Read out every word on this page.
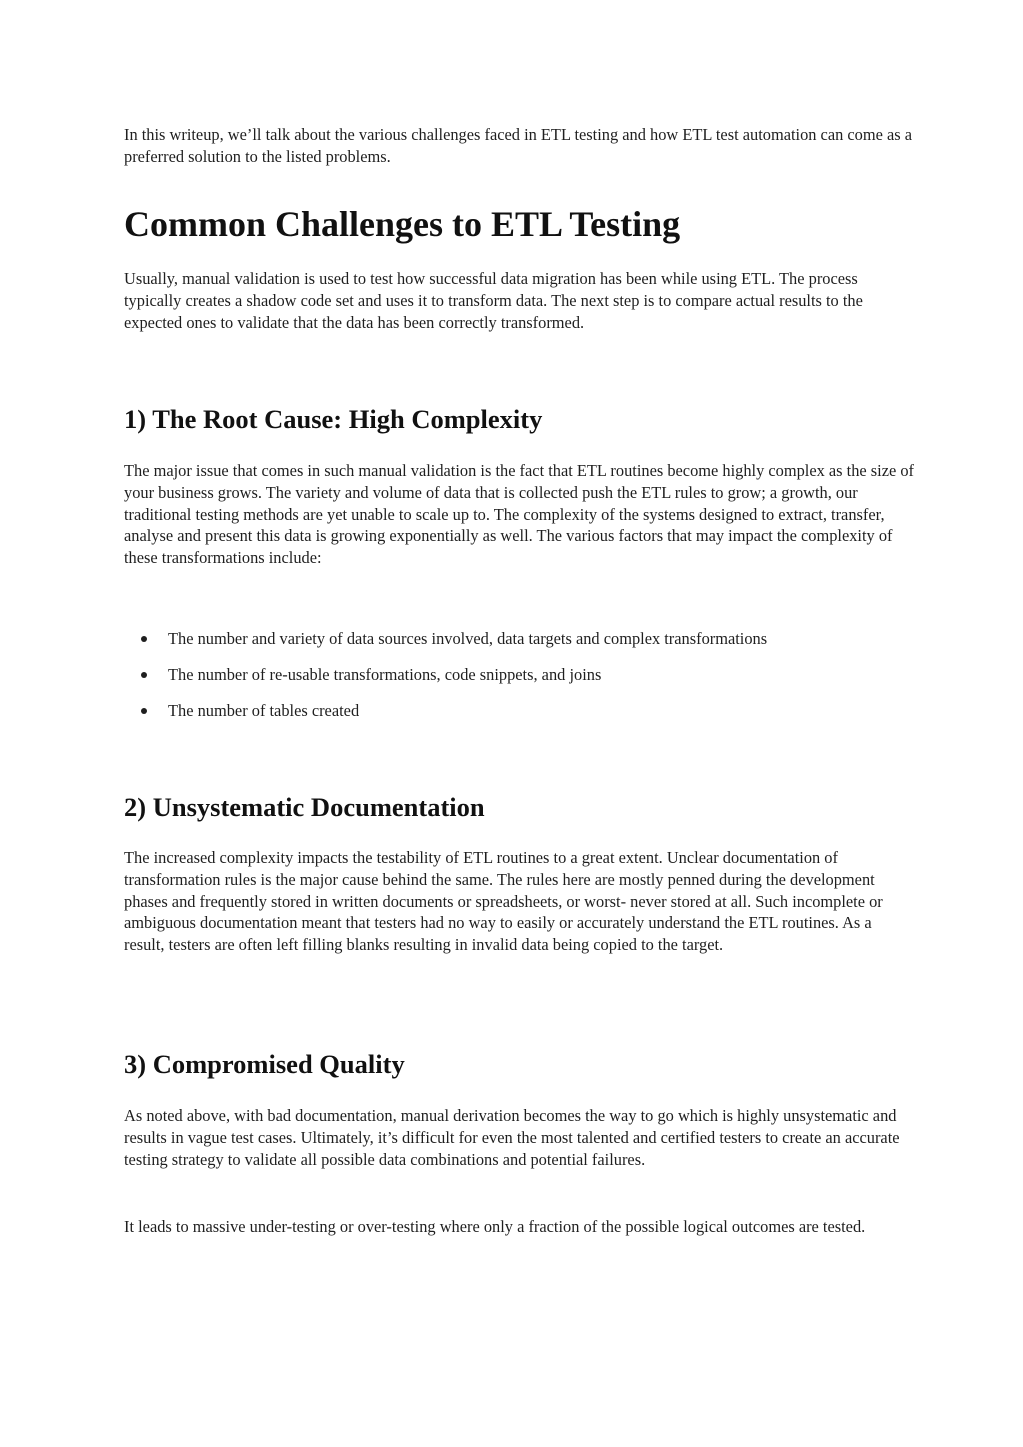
In this writeup, we’ll talk about the various challenges faced in ETL testing and how ETL test automation can come as a preferred solution to the listed problems.

Common Challenges to ETL Testing

Usually, manual validation is used to test how successful data migration has been while using ETL. The process typically creates a shadow code set and uses it to transform data. The next step is to compare actual results to the expected ones to validate that the data has been correctly transformed.

1) The Root Cause: High Complexity

The major issue that comes in such manual validation is the fact that ETL routines become highly complex as the size of your business grows. The variety and volume of data that is collected push the ETL rules to grow; a growth, our traditional testing methods are yet unable to scale up to. The complexity of the systems designed to extract, transfer, analyse and present this data is growing exponentially as well. The various factors that may impact the complexity of these transformations include:

The number and variety of data sources involved, data targets and complex transformations
The number of re-usable transformations, code snippets, and joins
The number of tables created
2) Unsystematic Documentation

The increased complexity impacts the testability of ETL routines to a great extent. Unclear documentation of transformation rules is the major cause behind the same. The rules here are mostly penned during the development phases and frequently stored in written documents or spreadsheets, or worst- never stored at all. Such incomplete or ambiguous documentation meant that testers had no way to easily or accurately understand the ETL routines. As a result, testers are often left filling blanks resulting in invalid data being copied to the target.

3) Compromised Quality

As noted above, with bad documentation, manual derivation becomes the way to go which is highly unsystematic and results in vague test cases. Ultimately, it’s difficult for even the most talented and certified testers to create an accurate testing strategy to validate all possible data combinations and potential failures.

It leads to massive under-testing or over-testing where only a fraction of the possible logical outcomes are tested.
